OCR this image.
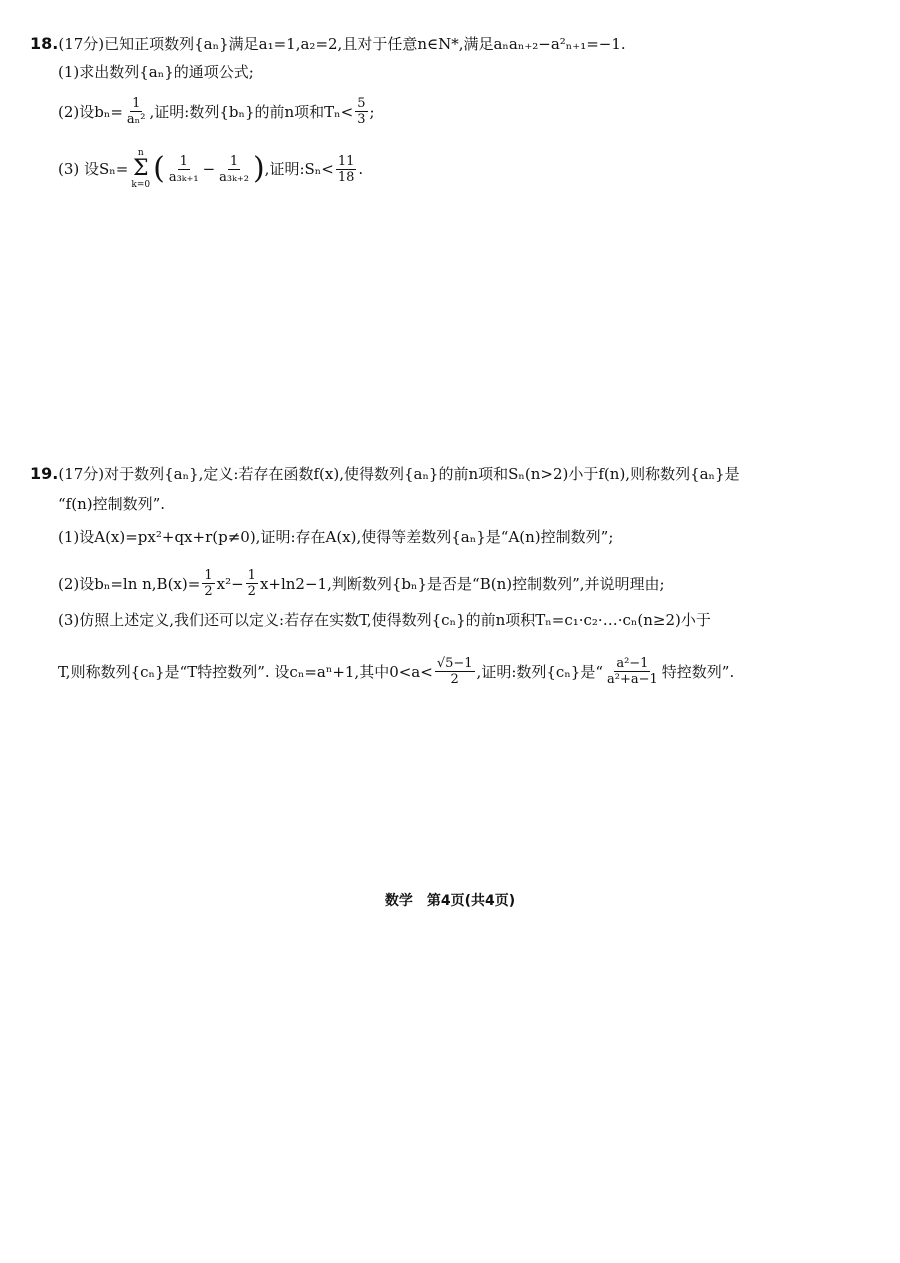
18. (17分)已知正项数列{aₙ}满足a₁=1,a₂=2,且对于任意n∈N*,满足aₙaₙ₊₂−a²ₙ₊₁=−1.
(1)求出数列{aₙ}的通项公式;
(2)设$b_n= \frac{1}{\text{aₙ²}}$ ,证明:数列{bₙ}的前n项和$T_n< \frac{5}{3}$ ;
(3) 设Sₙ=
n
Σ
k=0 ( $\frac{1}{\text{a₃ₖ₊₁}} - \frac{1}{\text{a₃ₖ₊₂}}$ ) ,证明:Sₙ< $\frac{11}{18}$ .
19. (17分)对于数列{aₙ},定义:若存在函数f(x),使得数列{aₙ}的前n项和Sₙ(n>2)小于f(n),则称数列{aₙ}是
“f(n)控制数列”.
(1)设A(x)=px²+qx+r(p≠0),证明:存在A(x),使得等差数列{aₙ}是“A(n)控制数列”;
(2)设bₙ=ln $n,B(x)= \frac{1}{2} x^2- \frac{1}{2} x+\ln 2-1$,判断数列{bₙ}是否是“B(n)控制数列”,并说明理由;
(3)仿照上述定义,我们还可以定义:若存在实数T,使得数列{cₙ}的前n项积Tₙ=c₁·c₂·…·cₙ(n≥2)小于
T,则称数列{cₙ}是“T特控数列”. 设cₙ=aⁿ+1,其中$0<a< \frac{√5-1}{2}$ ,证明:数列{cₙ}是“ $\frac{\text{a²−1}}{\text{a²+a−1}}$ 特控数列”.
数学　第4页(共4页)
